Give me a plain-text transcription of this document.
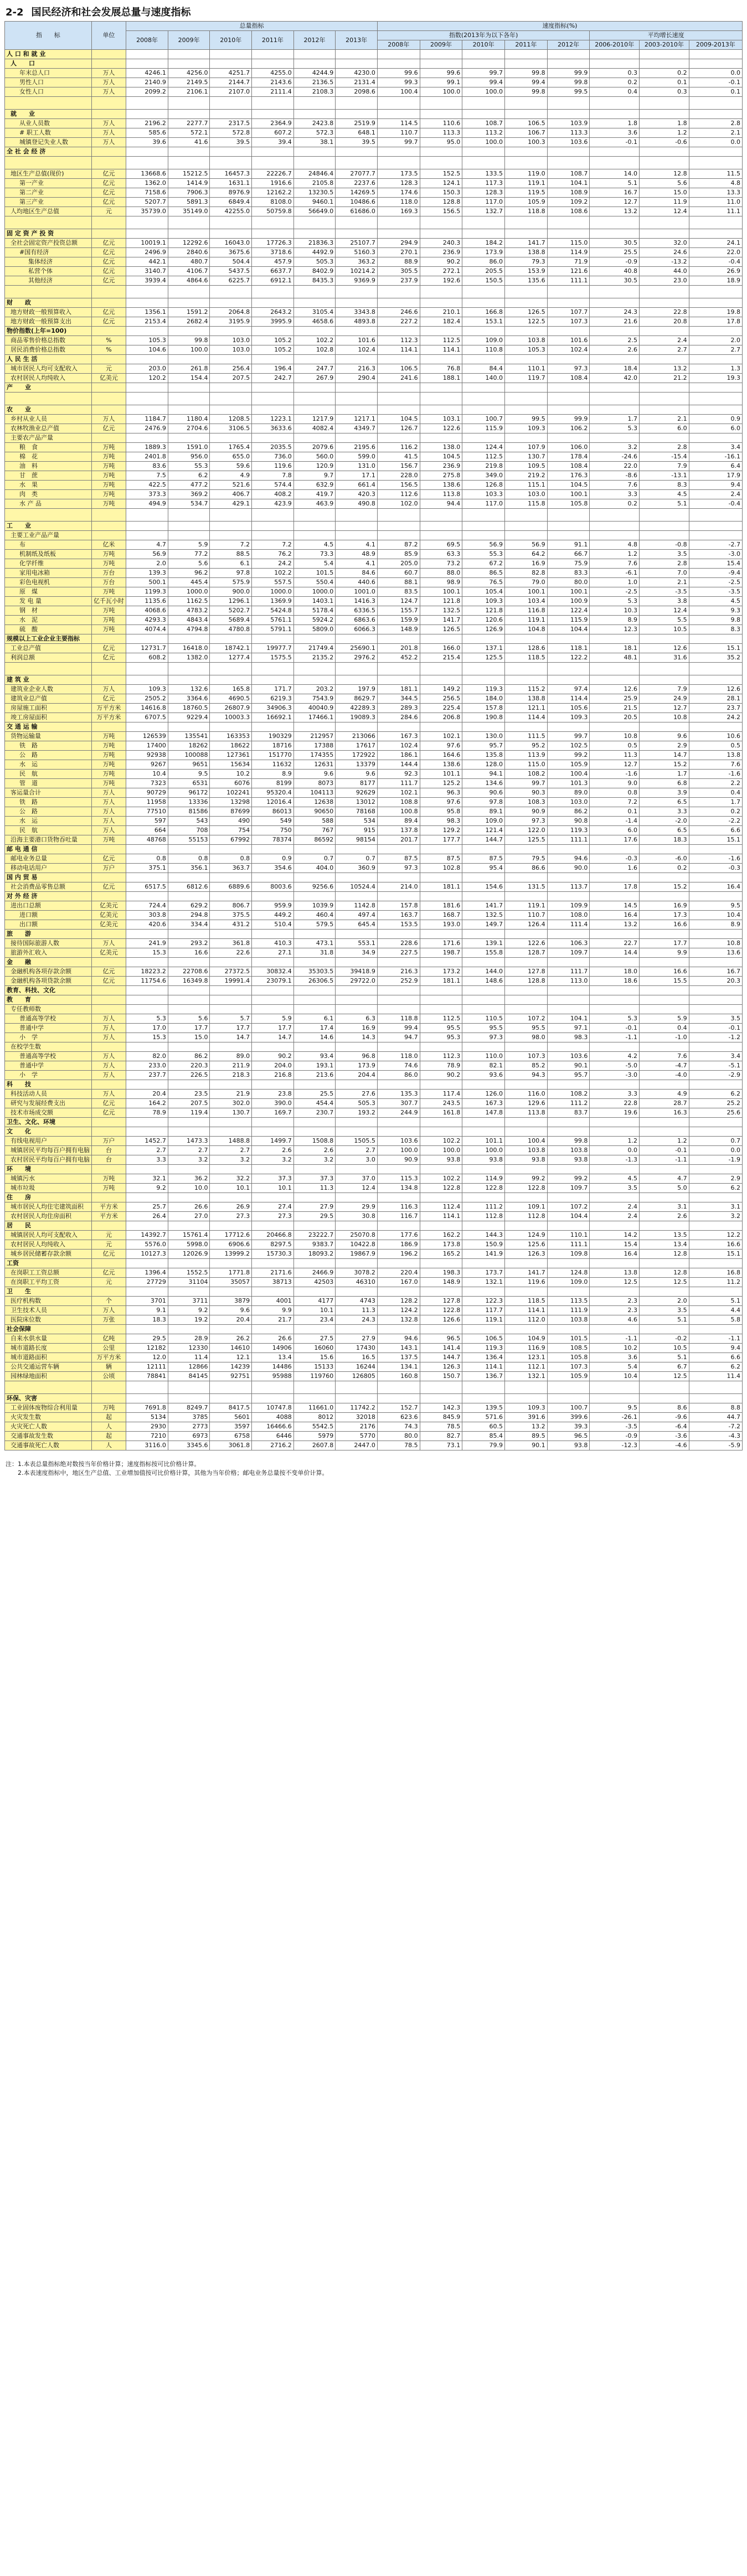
2-2 国民经济和社会发展总量与速度指标
指　　标	单位	总量指标						速度指标(%)							
		2008年	2009年	2010年	2011年	2012年	2013年	指数(2013年为以下各年)					平均增长速度		
								2008年	2009年	2010年	2011年	2012年	2006-2010年	2003-2010年	2009-2013年
人 口 和 就 业															
人　　口															
年末总人口	万人	4246.1	4256.0	4251.7	4255.0	4244.9	4230.0	99.6	99.6	99.7	99.8	99.9	0.3	0.2	0.0
男性人口	万人	2140.9	2149.5	2144.7	2143.6	2136.5	2131.4	99.3	99.1	99.4	99.4	99.8	0.2	0.1	-0.1
女性人口	万人	2099.2	2106.1	2107.0	2111.4	2108.3	2098.6	100.4	100.0	100.0	99.8	99.5	0.4	0.3	0.1

就　　业															
从业人员数	万人	2196.2	2277.7	2317.5	2364.9	2423.8	2519.9	114.5	110.6	108.7	106.5	103.9	1.8	1.8	2.8
# 职工人数	万人	585.6	572.1	572.8	607.2	572.3	648.1	110.7	113.3	113.2	106.7	113.3	3.6	1.2	2.1
城镇登记失业人数	万人	39.6	41.6	39.5	39.4	38.1	39.5	99.7	95.0	100.0	100.3	103.6	-0.1	-0.6	0.0
全 社 会 经 济															

地区生产总值(现价)	亿元	13668.6	15212.5	16457.3	22226.7	24846.4	27077.7	173.5	152.5	133.5	119.0	108.7	14.0	12.8	11.5
第一产业	亿元	1362.0	1414.9	1631.1	1916.6	2105.8	2237.6	128.3	124.1	117.3	119.1	104.1	5.1	5.6	4.8
第二产业	亿元	7158.6	7906.3	8976.9	12162.2	13230.5	14269.5	174.6	150.3	128.3	119.5	108.9	16.7	15.0	13.3
第三产业	亿元	5207.7	5891.3	6849.4	8108.0	9460.1	10486.6	118.0	128.8	117.0	105.9	109.2	12.7	11.9	11.0
人均地区生产总值	元	35739.0	35149.0	42255.0	50759.8	56649.0	61686.0	169.3	156.5	132.7	118.8	108.6	13.2	12.4	11.1

固 定 资 产 投 资															
全社会固定资产投资总额	亿元	10019.1	12292.6	16043.0	17726.3	21836.3	25107.7	294.9	240.3	184.2	141.7	115.0	30.5	32.0	24.1
#国有经济	亿元	2496.9	2840.6	3675.6	3718.6	4492.9	5160.3	270.1	236.9	173.9	138.8	114.9	25.5	24.6	22.0
集体经济	亿元	442.1	480.7	504.4	457.9	505.3	363.2	88.9	90.2	86.0	79.3	71.9	-0.9	-13.2	-0.4
私营个体	亿元	3140.7	4106.7	5437.5	6637.7	8402.9	10214.2	305.5	272.1	205.5	153.9	121.6	40.8	44.0	26.9
其他经济	亿元	3939.4	4864.6	6225.7	6912.1	8435.3	9369.9	237.9	192.6	150.5	135.6	111.1	30.5	23.0	18.9

财　　政															
地方财政一般预算收入	亿元	1356.1	1591.2	2064.8	2643.2	3105.4	3343.8	246.6	210.1	166.8	126.5	107.7	24.3	22.8	19.8
地方财政一般预算支出	亿元	2153.4	2682.4	3195.9	3995.9	4658.6	4893.8	227.2	182.4	153.1	122.5	107.3	21.6	20.8	17.8
物价指数(上年=100)															
商品零售价格总指数	%	105.3	99.8	103.0	105.2	102.2	101.6	112.3	112.5	109.0	103.8	101.6	2.5	2.4	2.0
居民消费价格总指数	%	104.6	100.0	103.0	105.2	102.8	102.4	114.1	114.1	110.8	105.3	102.4	2.6	2.7	2.7
人 民 生 活															
城市居民人均可支配收入	元	203.0	261.8	256.4	196.4	247.7	216.3	106.5	76.8	84.4	110.1	97.3	18.4	13.2	1.3
农村居民人均纯收入	亿美元	120.2	154.4	207.5	242.7	267.9	290.4	241.6	188.1	140.0	119.7	108.4	42.0	21.2	19.3
产　　业															

农　　业															
乡村从业人员	万人	1184.7	1180.4	1208.5	1223.1	1217.9	1217.1	104.5	103.1	100.7	99.5	99.9	1.7	2.1	0.9
农林牧渔业总产值	亿元	2476.9	2704.6	3106.5	3633.6	4082.4	4349.7	126.7	122.6	115.9	109.3	106.2	5.3	6.0	6.0
主要农产品产量															
粮　食	万吨	1889.3	1591.0	1765.4	2035.5	2079.6	2195.6	116.2	138.0	124.4	107.9	106.0	3.2	2.8	3.4
棉　花	万吨	2401.8	956.0	655.0	736.0	560.0	599.0	41.5	104.5	112.5	130.7	178.4	-24.6	-15.4	-16.1
油　料	万吨	83.6	55.3	59.6	119.6	120.9	131.0	156.7	236.9	219.8	109.5	108.4	22.0	7.9	6.4
甘　蔗	万吨	7.5	6.2	4.9	7.8	9.7	17.1	228.0	275.8	349.0	219.2	176.3	-8.6	-13.1	17.9
水　果	万吨	422.5	477.2	521.6	574.4	632.9	661.4	156.5	138.6	126.8	115.1	104.5	7.6	8.3	9.4
肉　类	万吨	373.3	369.2	406.7	408.2	419.7	420.3	112.6	113.8	103.3	103.0	100.1	3.3	4.5	2.4
水 产 品	万吨	494.9	534.7	429.1	423.9	463.9	490.8	102.0	94.4	117.0	115.8	105.8	0.2	5.1	-0.4

工　　业															
主要工业产品产量															
布	亿米	4.7	5.9	7.2	7.2	4.5	4.1	87.2	69.5	56.9	56.9	91.1	4.8	-0.8	-2.7
机制纸及纸板	万吨	56.9	77.2	88.5	76.2	73.3	48.9	85.9	63.3	55.3	64.2	66.7	1.2	3.5	-3.0
化学纤维	万吨	2.0	5.6	6.1	24.2	5.4	4.1	205.0	73.2	67.2	16.9	75.9	7.6	2.8	15.4
家用电冰箱	万台	139.3	96.2	97.8	102.2	101.5	84.6	60.7	88.0	86.5	82.8	83.3	-6.1	7.0	-9.4
彩色电视机	万台	500.1	445.4	575.9	557.5	550.4	440.6	88.1	98.9	76.5	79.0	80.0	1.0	2.1	-2.5
原　煤	万吨	1199.3	1000.0	900.0	1000.0	1000.0	1001.0	83.5	100.1	105.4	100.1	100.1	-2.5	-3.5	-3.5
发 电 量	亿千瓦小时	1135.6	1162.5	1296.1	1369.9	1403.1	1416.3	124.7	121.8	109.3	103.4	100.9	5.3	3.8	4.5
钢　材	万吨	4068.6	4783.2	5202.7	5424.8	5178.4	6336.5	155.7	132.5	121.8	116.8	122.4	10.3	12.4	9.3
水　泥	万吨	4293.3	4843.4	5689.4	5761.1	5924.2	6863.6	159.9	141.7	120.6	119.1	115.9	8.9	5.5	9.8
硫　酸	万吨	4074.4	4794.8	4780.8	5791.1	5809.0	6066.3	148.9	126.5	126.9	104.8	104.4	12.3	10.5	8.3
规模以上工业企业主要指标															
工业总产值	亿元	12731.7	16418.0	18742.1	19977.7	21749.4	25690.1	201.8	166.0	137.1	128.6	118.1	18.1	12.6	15.1
利润总额	亿元	608.2	1382.0	1277.4	1575.5	2135.2	2976.2	452.2	215.4	125.5	118.5	122.2	48.1	31.6	35.2

建 筑 业															
建筑业企业人数	万人	109.3	132.6	165.8	171.7	203.2	197.9	181.1	149.2	119.3	115.2	97.4	12.6	7.9	12.6
建筑业总产值	亿元	2505.2	3364.6	4690.5	6219.3	7543.9	8629.7	344.5	256.5	184.0	138.8	114.4	25.9	24.9	28.1
房屋施工面积	万平方米	14616.8	18760.5	26807.9	34906.3	40040.9	42289.3	289.3	225.4	157.8	121.1	105.6	21.5	12.7	23.7
竣工房屋面积	万平方米	6707.5	9229.4	10003.3	16692.1	17466.1	19089.3	284.6	206.8	190.8	114.4	109.3	20.5	10.8	24.2
交 通 运 输															
货物运输量	万吨	126539	135541	163353	190329	212957	213066	167.3	102.1	130.0	111.5	99.7	10.8	9.6	10.6
铁　路	万吨	17400	18262	18622	18716	17388	17617	102.4	97.6	95.7	95.2	102.5	0.5	2.9	0.5
公　路	万吨	92938	100088	127361	151770	174355	172922	186.1	164.6	135.8	113.9	99.2	11.3	14.7	13.8
水　运	万吨	9267	9651	15634	11632	12631	13379	144.4	138.6	128.0	115.0	105.9	12.7	15.2	7.6
民　航	万吨	10.4	9.5	10.2	8.9	9.6	9.6	92.3	101.1	94.1	108.2	100.4	-1.6	1.7	-1.6
管　道	万吨	7323	6531	6076	8199	8073	8177	111.7	125.2	134.6	99.7	101.3	9.0	6.8	2.2
客运量合计	万人	90729	96172	102241	95320.4	104113	92629	102.1	96.3	90.6	90.3	89.0	0.8	3.9	0.4
铁　路	万人	11958	13336	13298	12016.4	12638	13012	108.8	97.6	97.8	108.3	103.0	7.2	6.5	1.7
公　路	万人	77510	81586	87699	86013	90650	78168	100.8	95.8	89.1	90.9	86.2	0.1	3.3	0.2
水　运	万人	597	543	490	549	588	534	89.4	98.3	109.0	97.3	90.8	-1.4	-2.0	-2.2
民　航	万人	664	708	754	750	767	915	137.8	129.2	121.4	122.0	119.3	6.0	6.5	6.6
沿海主要港口货物吞吐量	万吨	48768	55153	67992	78374	86592	98154	201.7	177.7	144.7	125.5	111.1	17.6	18.3	15.1
邮 电 通 信															
邮电业务总量	亿元	0.8	0.8	0.8	0.9	0.7	0.7	87.5	87.5	87.5	79.5	94.6	-0.3	-6.0	-1.6
移动电话用户	万户	375.1	356.1	363.7	354.6	404.0	360.9	97.3	102.8	95.4	86.6	90.0	1.6	0.2	-0.3
国 内 贸 易															
社会消费品零售总额	亿元	6517.5	6812.6	6889.6	8003.6	9256.6	10524.4	214.0	181.1	154.6	131.5	113.7	17.8	15.2	16.4
对 外 经 济															
进出口总额	亿美元	724.4	629.2	806.7	959.9	1039.9	1142.8	157.8	181.6	141.7	119.1	109.9	14.5	16.9	9.5
进口额	亿美元	303.8	294.8	375.5	449.2	460.4	497.4	163.7	168.7	132.5	110.7	108.0	16.4	17.3	10.4
出口额	亿美元	420.6	334.4	431.2	510.4	579.5	645.4	153.5	193.0	149.7	126.4	111.4	13.2	16.6	8.9
旅　　游															
接待国际旅游人数	万人	241.9	293.2	361.8	410.3	473.1	553.1	228.6	171.6	139.1	122.6	106.3	22.7	17.7	10.8
旅游外汇收入	亿美元	15.3	16.6	22.6	27.1	31.8	34.9	227.5	198.7	155.8	128.7	109.7	14.4	9.9	13.6
金　　融															
金融机构各项存款余额	亿元	18223.2	22708.6	27372.5	30832.4	35303.5	39418.9	216.3	173.2	144.0	127.8	111.7	18.0	16.6	16.7
金融机构各项贷款余额	亿元	11754.6	16349.8	19991.4	23079.1	26306.5	29722.0	252.9	181.1	148.6	128.8	113.0	18.6	15.5	20.3
教育、科技、文化															
教　　育															
专任教师数															
普通高等学校	万人	5.3	5.6	5.7	5.9	6.1	6.3	118.8	112.5	110.5	107.2	104.1	5.3	5.9	3.5
普通中学	万人	17.0	17.7	17.7	17.7	17.4	16.9	99.4	95.5	95.5	95.5	97.1	-0.1	0.4	-0.1
小　学	万人	15.3	15.0	14.7	14.7	14.6	14.3	94.7	95.3	97.3	98.0	98.3	-1.1	-1.0	-1.2
在校学生数															
普通高等学校	万人	82.0	86.2	89.0	90.2	93.4	96.8	118.0	112.3	110.0	107.3	103.6	4.2	7.6	3.4
普通中学	万人	233.0	220.3	211.9	204.0	193.1	173.9	74.6	78.9	82.1	85.2	90.1	-5.0	-4.7	-5.1
小　学	万人	237.7	226.5	218.3	216.8	213.6	204.4	86.0	90.2	93.6	94.3	95.7	-3.0	-4.0	-2.9
科　　技															
科技活动人员	万人	20.4	23.5	21.9	23.8	25.5	27.6	135.3	117.4	126.0	116.0	108.2	3.3	4.9	6.2
研究与发展经费支出	亿元	164.2	207.5	302.0	390.0	454.4	505.3	307.7	243.5	167.3	129.6	111.2	22.8	28.7	25.2
技术市场成交额	亿元	78.9	119.4	130.7	169.7	230.7	193.2	244.9	161.8	147.8	113.8	83.7	19.6	16.3	25.6
卫生、文化、环境															
文　　化															
有线电视用户	万户	1452.7	1473.3	1488.8	1499.7	1508.8	1505.5	103.6	102.2	101.1	100.4	99.8	1.2	1.2	0.7
城镇居民平均每百户拥有电脑	台	2.7	2.7	2.7	2.6	2.6	2.7	100.0	100.0	100.0	103.8	103.8	0.0	-0.1	0.0
农村居民平均每百户拥有电脑	台	3.3	3.2	3.2	3.2	3.2	3.0	90.9	93.8	93.8	93.8	93.8	-1.3	-1.1	-1.9
环　　境															
城镇污水	万吨	32.1	36.2	32.2	37.3	37.3	37.0	115.3	102.2	114.9	99.2	99.2	4.5	4.7	2.9
城市垃圾	万吨	9.2	10.0	10.1	10.1	11.3	12.4	134.8	122.8	122.8	122.8	109.7	3.5	5.0	6.2
住　　房															
城市居民人均住宅建筑面积	平方米	25.7	26.6	26.9	27.4	27.9	29.9	116.3	112.4	111.2	109.1	107.2	2.4	3.1	3.1
农村居民人均住房面积	平方米	26.4	27.0	27.3	27.3	29.5	30.8	116.7	114.1	112.8	112.8	104.4	2.4	2.6	3.2
居　　民															
城镇居民人均可支配收入	元	14392.7	15761.4	17712.6	20466.8	23222.7	25070.8	177.6	162.2	144.3	124.9	110.1	14.2	13.5	12.2
农村居民人均纯收入	元	5576.0	5998.0	6906.6	8297.5	9383.7	10422.8	186.9	173.8	150.9	125.6	111.1	15.4	13.4	16.6
城乡居民储蓄存款余额	亿元	10127.3	12026.9	13999.2	15730.3	18093.2	19867.9	196.2	165.2	141.9	126.3	109.8	16.4	12.8	15.1
工资															
在岗职工工资总额	亿元	1396.4	1552.5	1771.8	2171.6	2466.9	3078.2	220.4	198.3	173.7	141.7	124.8	13.8	12.8	16.8
在岗职工平均工资	元	27729	31104	35057	38713	42503	46310	167.0	148.9	132.1	119.6	109.0	12.5	12.5	11.2
卫　　生															
医疗机构数	个	3701	3711	3879	4001	4177	4743	128.2	127.8	122.3	118.5	113.5	2.3	2.0	5.1
卫生技术人员	万人	9.1	9.2	9.6	9.9	10.1	11.3	124.2	122.8	117.7	114.1	111.9	2.3	3.5	4.4
医院床位数	万张	18.3	19.2	20.4	21.7	23.4	24.3	132.8	126.6	119.1	112.0	103.8	4.6	5.1	5.8
社会保障															
自来水供水量	亿吨	29.5	28.9	26.2	26.6	27.5	27.9	94.6	96.5	106.5	104.9	101.5	-1.1	-0.2	-1.1
城市道路长度	公里	12182	12330	14610	14906	16060	17430	143.1	141.4	119.3	116.9	108.5	10.2	10.5	9.4
城市道路面积	万平方米	12.0	11.4	12.1	13.4	15.6	16.5	137.5	144.7	136.4	123.1	105.8	3.6	5.1	6.6
公共交通运营车辆	辆	12111	12866	14239	14486	15133	16244	134.1	126.3	114.1	112.1	107.3	5.4	6.7	6.2
园林绿地面积	公顷	78841	84145	92751	95988	119760	126805	160.8	150.7	136.7	132.1	105.9	10.4	12.5	11.4

环保、灾害															
工业固体废物综合利用量	万吨	7691.8	8249.7	8417.5	10747.8	11661.0	11742.2	152.7	142.3	139.5	109.3	100.7	9.5	8.6	8.8
火灾发生数	起	5134	3785	5601	4088	8012	32018	623.6	845.9	571.6	391.6	399.6	-26.1	-9.6	44.7
火灾死亡人数	人	2930	2773	3597	16466.6	5542.5	2176	74.3	78.5	60.5	13.2	39.3	-3.5	-6.4	-7.2
交通事故发生数	起	7210	6973	6758	6446	5979	5770	80.0	82.7	85.4	89.5	96.5	-0.9	-3.6	-4.3
交通事故死亡人数	人	3116.0	3345.6	3061.8	2716.2	2607.8	2447.0	78.5	73.1	79.9	90.1	93.8	-12.3	-4.6	-5.9
注：1.本表总量指标绝对数按当年价格计算；速度指标按可比价格计算。
　　2.本表速度指标中，地区生产总值、工业增加值按可比价格计算，其他为当年价格；邮电业务总量按不变单价计算。
